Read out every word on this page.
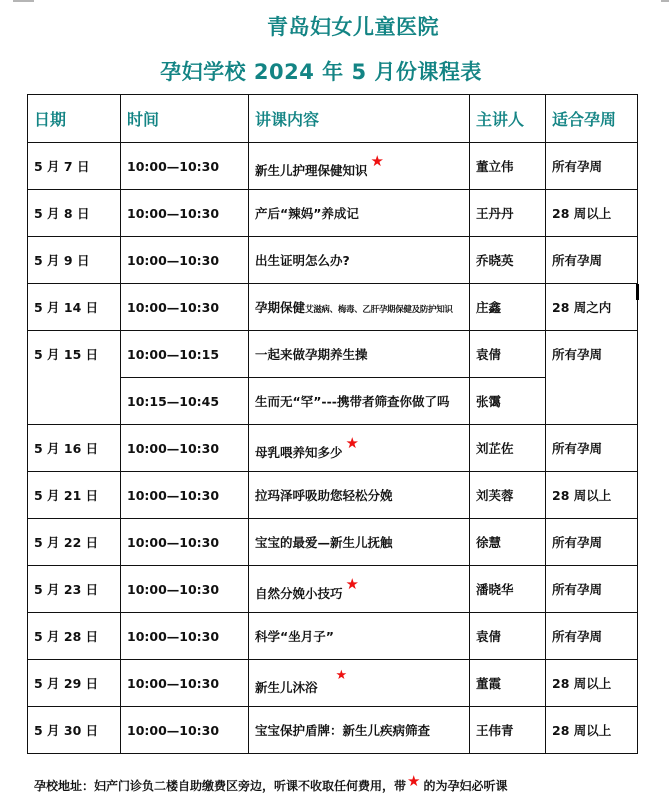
青岛妇女儿童医院
孕妇学校 2024 年 5 月份课程表
日期	时间	讲课内容	主讲人	适合孕周
5 月 7 日	10:00—10:30	新生儿护理保健知识★	董立伟	所有孕周
5 月 8 日	10:00—10:30	产后“辣妈”养成记	王丹丹	28 周以上
5 月 9 日	10:00—10:30	出生证明怎么办?	乔晓英	所有孕周
5 月 14 日	10:00—10:30	孕期保健艾滋病、梅毒、乙肝孕期保健及防护知识	庄鑫	28 周之内
5 月 15 日	10:00—10:15	一起来做孕期养生操	袁倩	所有孕周
	10:15—10:45	生而无“罕”---携带者筛查你做了吗	张霭	
5 月 16 日	10:00—10:30	母乳喂养知多少★	刘芷佐	所有孕周
5 月 21 日	10:00—10:30	拉玛泽呼吸助您轻松分娩	刘芙蓉	28 周以上
5 月 22 日	10:00—10:30	宝宝的最爱—新生儿抚触	徐慧	所有孕周
5 月 23 日	10:00—10:30	自然分娩小技巧★	潘晓华	所有孕周
5 月 28 日	10:00—10:30	科学“坐月子”	袁倩	所有孕周
5 月 29 日	10:00—10:30	新生儿沐浴★	董霞	28 周以上
5 月 30 日	10:00—10:30	宝宝保护盾牌：新生儿疾病筛查	王伟青	28 周以上
孕校地址：妇产门诊负二楼自助缴费区旁边，听课不收取任何费用，带★ 的为孕妇必听课
